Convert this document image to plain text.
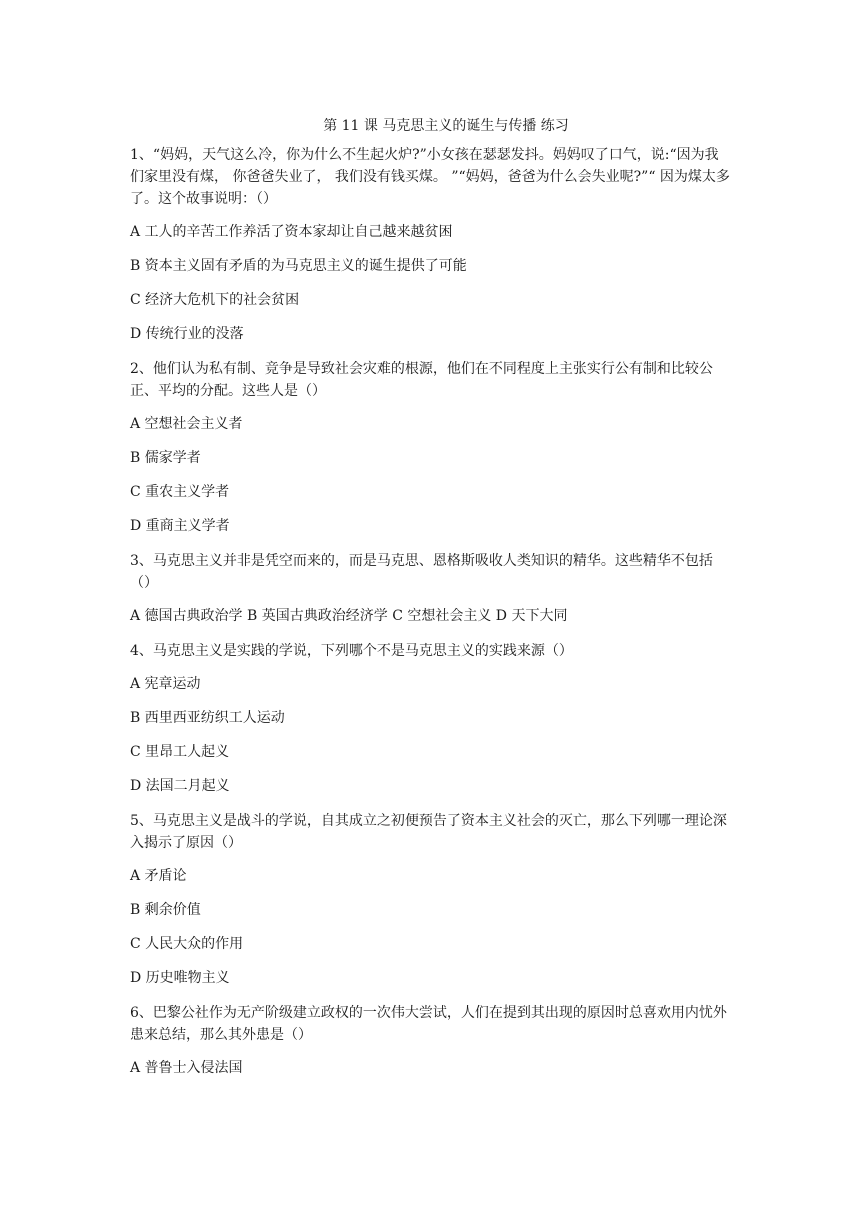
第 11 课 马克思主义的诞生与传播 练习

1、“妈妈，天气这么冷，你为什么不生起火炉?”小女孩在瑟瑟发抖。妈妈叹了口气，说:“因为我们家里没有煤， 你爸爸失业了， 我们没有钱买煤。 ”“妈妈，爸爸为什么会失业呢?”“ 因为煤太多了。这个故事说明：（）

A 工人的辛苦工作养活了资本家却让自己越来越贫困

B 资本主义固有矛盾的为马克思主义的诞生提供了可能

C 经济大危机下的社会贫困

D 传统行业的没落

2、他们认为私有制、竞争是导致社会灾难的根源，他们在不同程度上主张实行公有制和比较公正、平均的分配。这些人是（）

A 空想社会主义者

B 儒家学者

C 重农主义学者

D 重商主义学者

3、马克思主义并非是凭空而来的，而是马克思、恩格斯吸收人类知识的精华。这些精华不包括（）

A 德国古典政治学 B 英国古典政治经济学 C 空想社会主义 D 天下大同

4、马克思主义是实践的学说，下列哪个不是马克思主义的实践来源（）

A 宪章运动

B 西里西亚纺织工人运动

C 里昂工人起义

D 法国二月起义

5、马克思主义是战斗的学说，自其成立之初便预告了资本主义社会的灭亡，那么下列哪一理论深入揭示了原因（）

A 矛盾论

B 剩余价值

C 人民大众的作用

D 历史唯物主义

6、巴黎公社作为无产阶级建立政权的一次伟大尝试，人们在提到其出现的原因时总喜欢用内忧外患来总结，那么其外患是（）

A 普鲁士入侵法国
